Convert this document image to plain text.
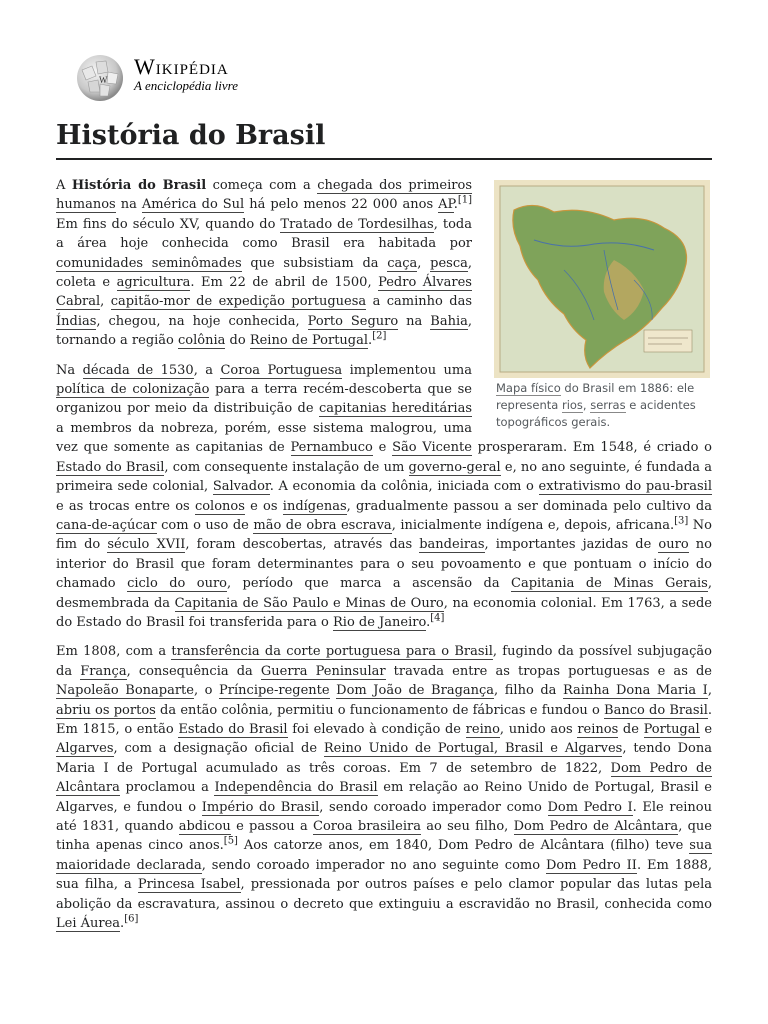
W
Wikipédia
A enciclopédia livre
História do Brasil
Mapa físico do Brasil em 1886: ele representa rios, serras e acidentes topográficos gerais.

A História do Brasil começa com a chegada dos primeiros humanos na América do Sul há pelo menos 22 000 anos AP.[1] Em fins do século XV, quando do Tratado de Tordesilhas, toda a área hoje conhecida como Brasil era habitada por comunidades seminômades que subsistiam da caça, pesca, coleta e agricultura. Em 22 de abril de 1500, Pedro Álvares Cabral, capitão-mor de expedição portuguesa a caminho das Índias, chegou, na hoje conhecida, Porto Seguro na Bahia, tornando a região colônia do Reino de Portugal.[2]

Na década de 1530, a Coroa Portuguesa implementou uma política de colonização para a terra recém-descoberta que se organizou por meio da distribuição de capitanias hereditárias a membros da nobreza, porém, esse sistema malogrou, uma vez que somente as capitanias de Pernambuco e São Vicente prosperaram. Em 1548, é criado o Estado do Brasil, com consequente instalação de um governo-geral e, no ano seguinte, é fundada a primeira sede colonial, Salvador. A economia da colônia, iniciada com o extrativismo do pau-brasil e as trocas entre os colonos e os indígenas, gradualmente passou a ser dominada pelo cultivo da cana-de-açúcar com o uso de mão de obra escrava, inicialmente indígena e, depois, africana.[3] No fim do século XVII, foram descobertas, através das bandeiras, importantes jazidas de ouro no interior do Brasil que foram determinantes para o seu povoamento e que pontuam o início do chamado ciclo do ouro, período que marca a ascensão da Capitania de Minas Gerais, desmembrada da Capitania de São Paulo e Minas de Ouro, na economia colonial. Em 1763, a sede do Estado do Brasil foi transferida para o Rio de Janeiro.[4]

Em 1808, com a transferência da corte portuguesa para o Brasil, fugindo da possível subjugação da França, consequência da Guerra Peninsular travada entre as tropas portuguesas e as de Napoleão Bonaparte, o Príncipe-regente Dom João de Bragança, filho da Rainha Dona Maria I, abriu os portos da então colônia, permitiu o funcionamento de fábricas e fundou o Banco do Brasil. Em 1815, o então Estado do Brasil foi elevado à condição de reino, unido aos reinos de Portugal e Algarves, com a designação oficial de Reino Unido de Portugal, Brasil e Algarves, tendo Dona Maria I de Portugal acumulado as três coroas. Em 7 de setembro de 1822, Dom Pedro de Alcântara proclamou a Independência do Brasil em relação ao Reino Unido de Portugal, Brasil e Algarves, e fundou o Império do Brasil, sendo coroado imperador como Dom Pedro I. Ele reinou até 1831, quando abdicou e passou a Coroa brasileira ao seu filho, Dom Pedro de Alcântara, que tinha apenas cinco anos.[5] Aos catorze anos, em 1840, Dom Pedro de Alcântara (filho) teve sua maioridade declarada, sendo coroado imperador no ano seguinte como Dom Pedro II. Em 1888, sua filha, a Princesa Isabel, pressionada por outros países e pelo clamor popular das lutas pela abolição da escravatura, assinou o decreto que extinguiu a escravidão no Brasil, conhecida como Lei Áurea.[6]
